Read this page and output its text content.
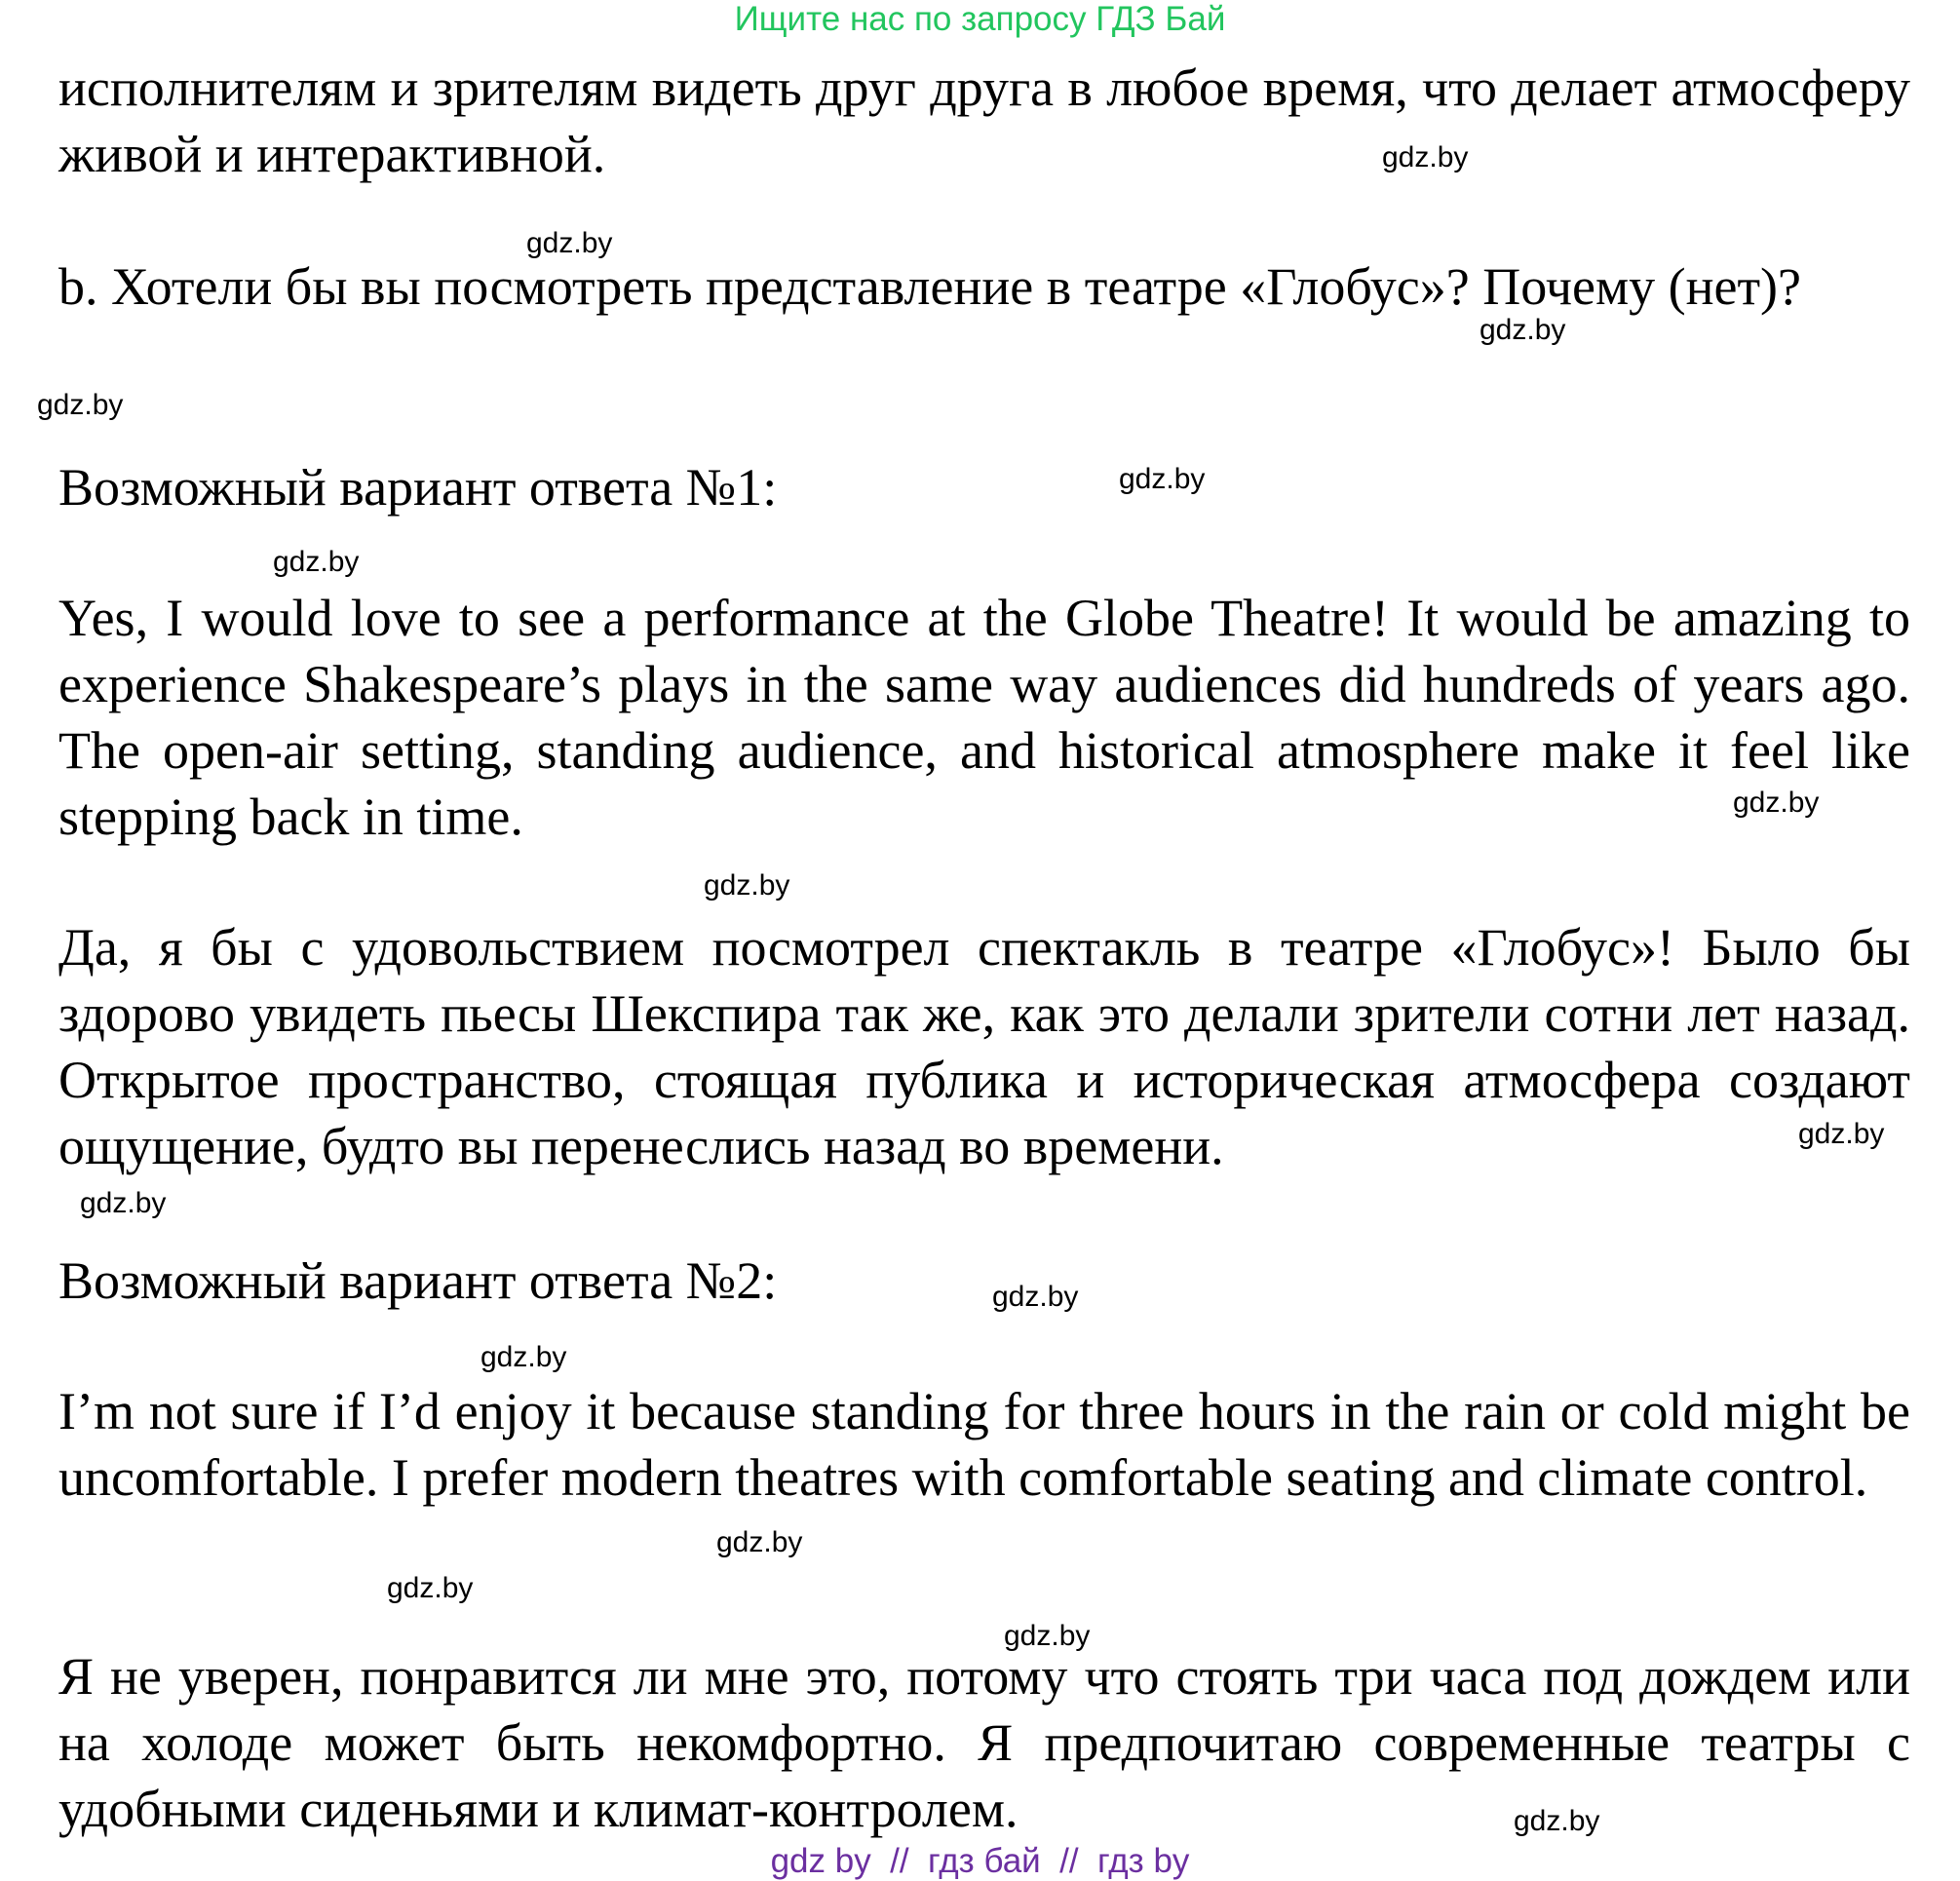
Ищите нас по запросу ГДЗ Бай

исполнителям и зрителям видеть друг друга в любое время, что делает атмосферу живой и интерактивной.

b. Хотели бы вы посмотреть представление в театре «Глобус»? Почему (нет)?

Возможный вариант ответа №1:

Yes, I would love to see a performance at the Globe Theatre! It would be amazing to experience Shakespeare’s plays in the same way audiences did hundreds of years ago. The open-air setting, standing audience, and historical atmosphere make it feel like stepping back in time.

Да, я бы с удовольствием посмотрел спектакль в театре «Глобус»! Было бы здорово увидеть пьесы Шекспира так же, как это делали зрители сотни лет назад. Открытое пространство, стоящая публика и историческая атмосфера создают ощущение, будто вы перенеслись назад во времени.

Возможный вариант ответа №2:

I’m not sure if I’d enjoy it because standing for three hours in the rain or cold might be uncomfortable. I prefer modern theatres with comfortable seating and climate control.

Я не уверен, понравится ли мне это, потому что стоять три часа под дождем или на холоде может быть некомфортно. Я предпочитаю современные театры с удобными сиденьями и климат-контролем.

gdz.by
gdz.by
gdz.by
gdz.by
gdz.by
gdz.by
gdz.by
gdz.by
gdz.by
gdz.by
gdz.by
gdz.by
gdz.by
gdz.by
gdz.by
gdz.by
gdz by  //  гдз бай  //  гдз by
